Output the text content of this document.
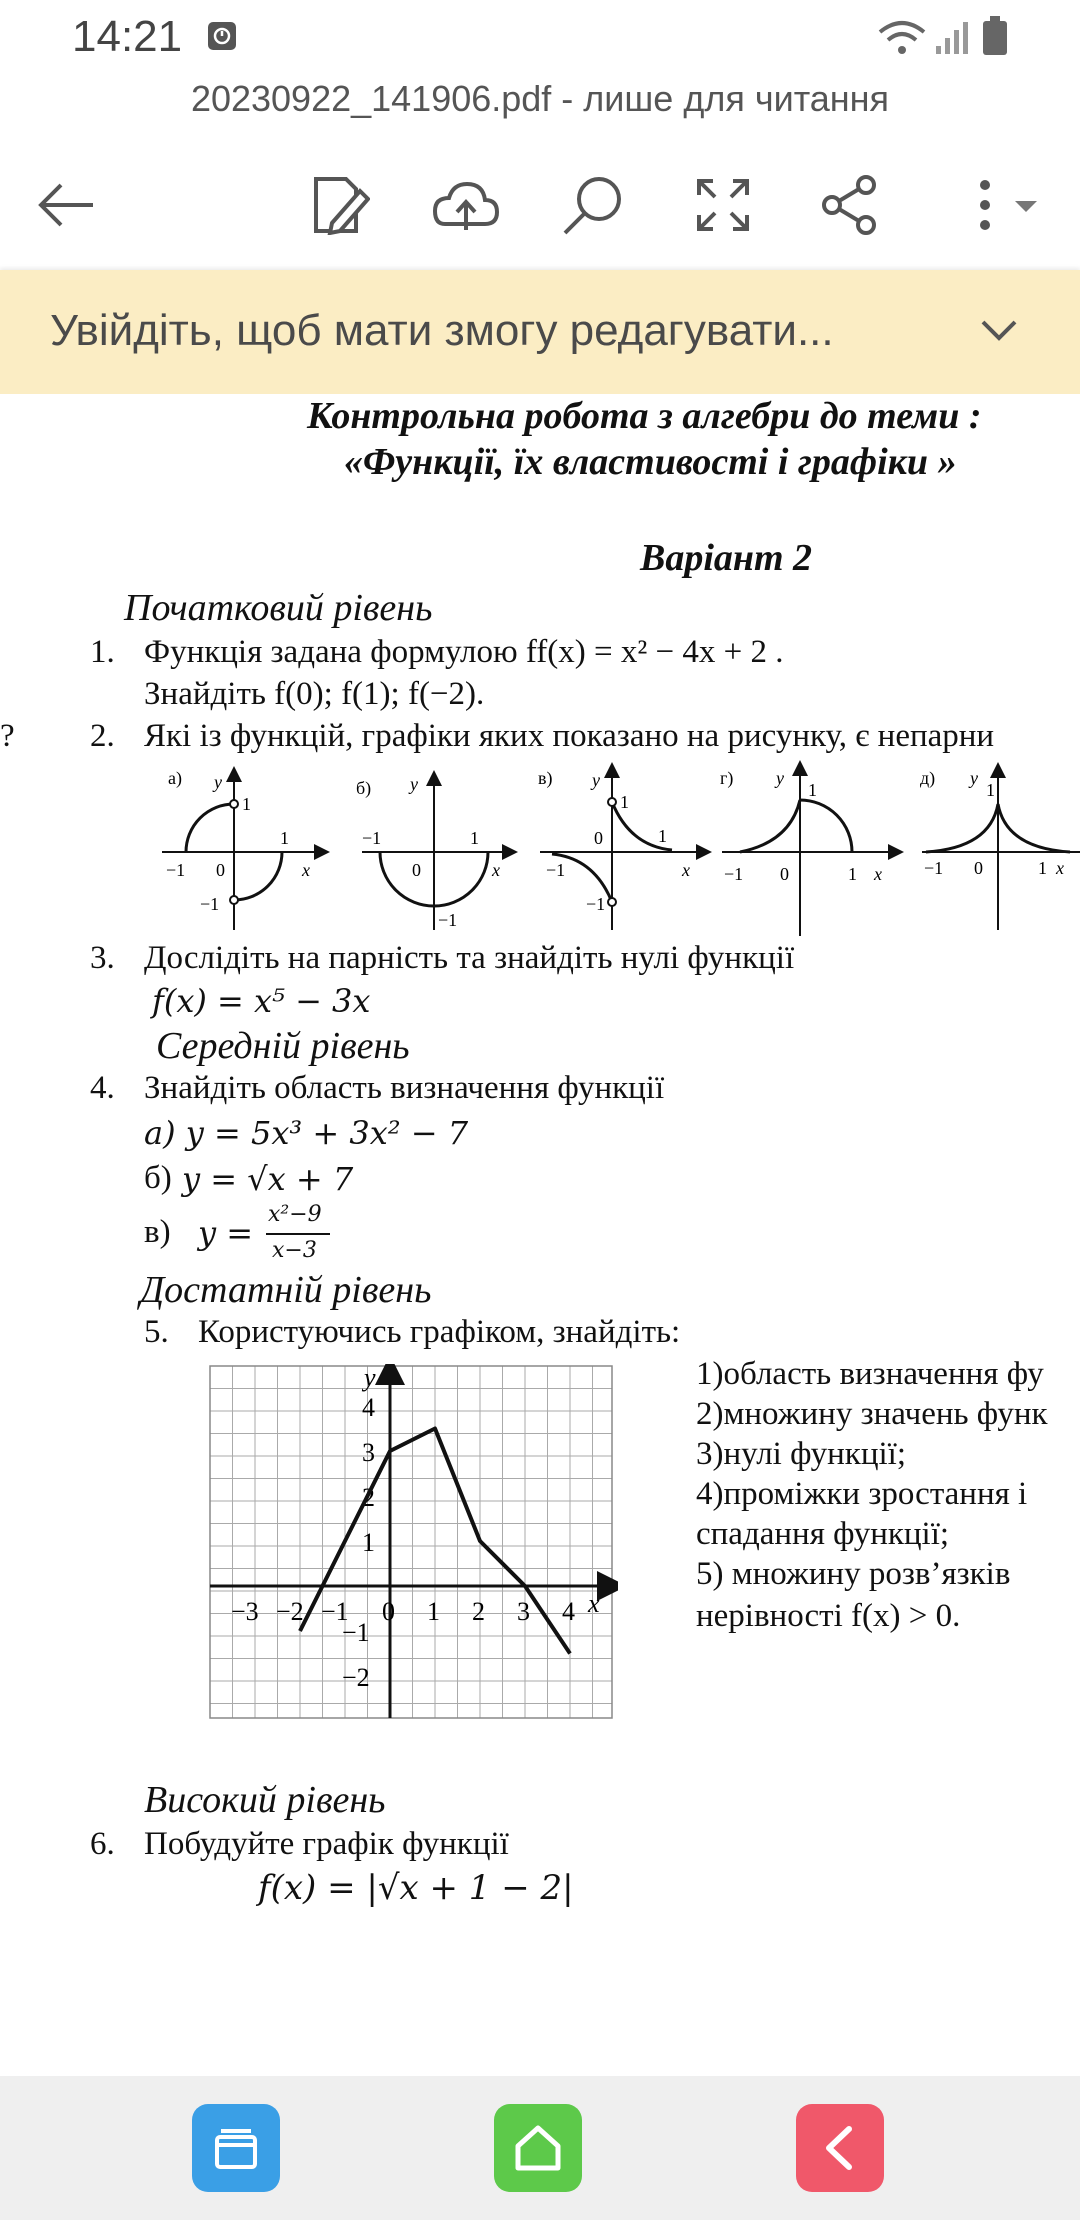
14:21
20230922_141906.pdf - лише для читання
Увійдіть, щоб мати змогу редагувати...
Контрольна робота з алгебри до теми :
«Функції, їх властивості і графіки »
Варіант 2
Початковий рівень
1. Функція задана формулою ff(x) = x² − 4x + 2 .
Знайдіть f(0); f(1); f(−2).
? 2. Які із функцій, графіки яких показано на рисунку, є непарни
а) y
x
1
1
0
−1
−1
б) y
x
−1	1
0
−1
в) y
x
1
0	1
−1
−1
г) y
x
1
−1 0	1
д) y
1
−1 0	1 x
3. Дослідіть на парність та знайдіть нулі функції
f(x) = x⁵ − 3x
Середній рівень
4. Знайдіть область визначення функції
а) y = 5x³ + 3x² − 7
б) y = √x + 7
в) y = x²−9
x−3
Достатній рівень
5. Користуючись графіком, знайдіть:
x
y
−3 −2 −1 0 1 2 3 4
4
3
2
1
−1
−2
1)область визначення фу
2)множину значень функ
3)нулі функції;
4)проміжки зростання і
спадання функції;
5) множину розв’язків
нерівності f(x) > 0.
Високий рівень
6. Побудуйте графік функції
f(x) = |√x + 1 − 2|
